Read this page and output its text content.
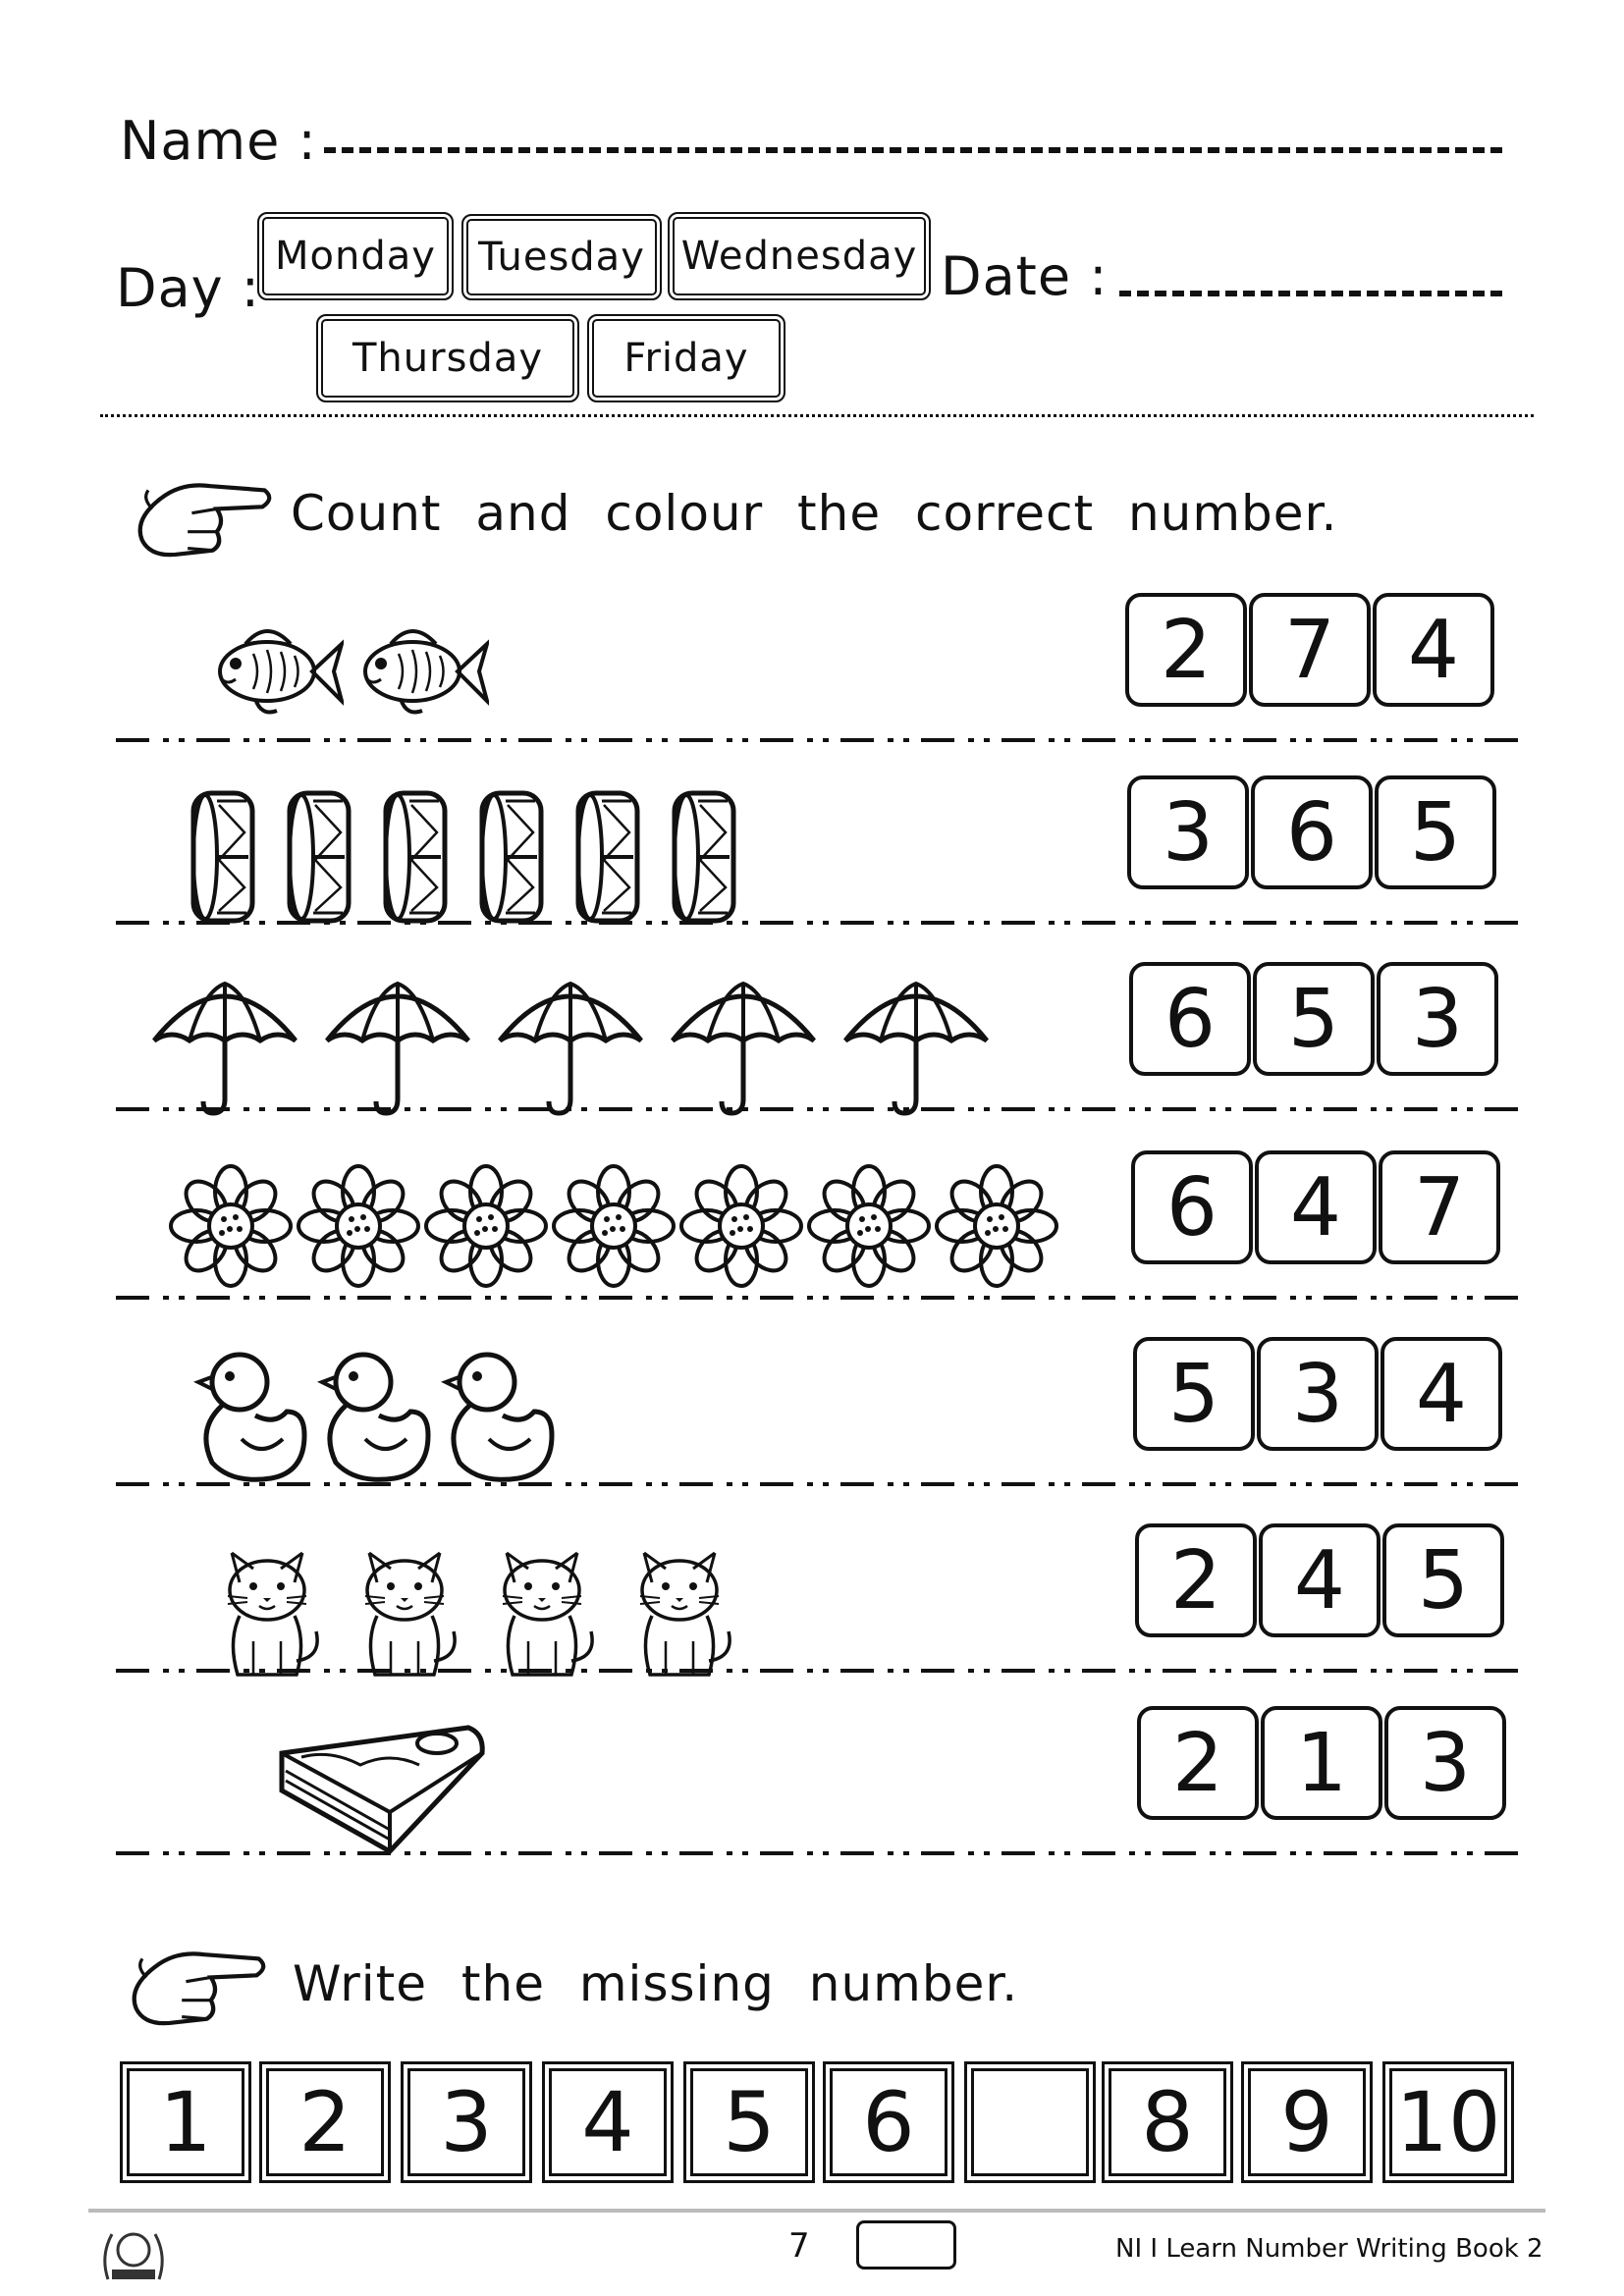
Name :
Day :
Monday	Tuesday Wednesday
Thursday	Friday
Date :
Count and colour the correct number.
2 7 4
3 6 5
6 5 3
6 4 7
5 3 4
2 4 5
2 1 3
Write the missing number.
1	2	3	4	5	6	8	9 10
7	NI I Learn Number Writing Book 2
